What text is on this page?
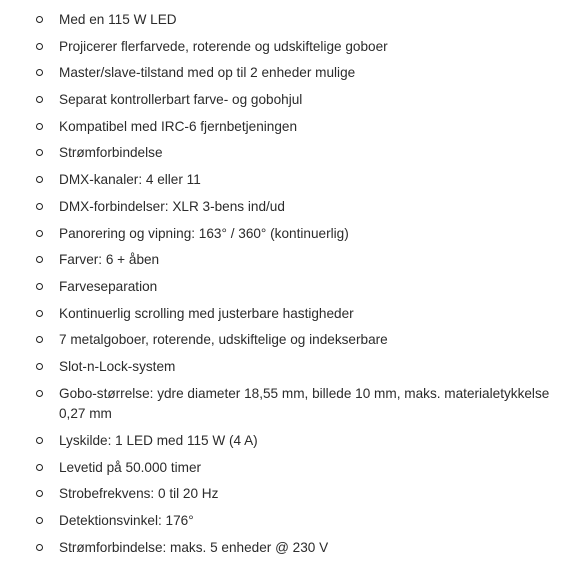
Med en 115 W LED
Projicerer flerfarvede, roterende og udskiftelige goboer
Master/slave-tilstand med op til 2 enheder mulige
Separat kontrollerbart farve- og gobohjul
Kompatibel med IRC-6 fjernbetjeningen
Strømforbindelse
DMX-kanaler: 4 eller 11
DMX-forbindelser: XLR 3-bens ind/ud
Panorering og vipning: 163° / 360° (kontinuerlig)
Farver: 6 + åben
Farveseparation
Kontinuerlig scrolling med justerbare hastigheder
7 metalgoboer, roterende, udskiftelige og indekserbare
Slot-n-Lock-system
Gobo-størrelse: ydre diameter 18,55 mm, billede 10 mm, maks. materialetykkelse 0,27 mm
Lyskilde: 1 LED med 115 W (4 A)
Levetid på 50.000 timer
Strobefrekvens: 0 til 20 Hz
Detektionsvinkel: 176°
Strømforbindelse: maks. 5 enheder @ 230 V
